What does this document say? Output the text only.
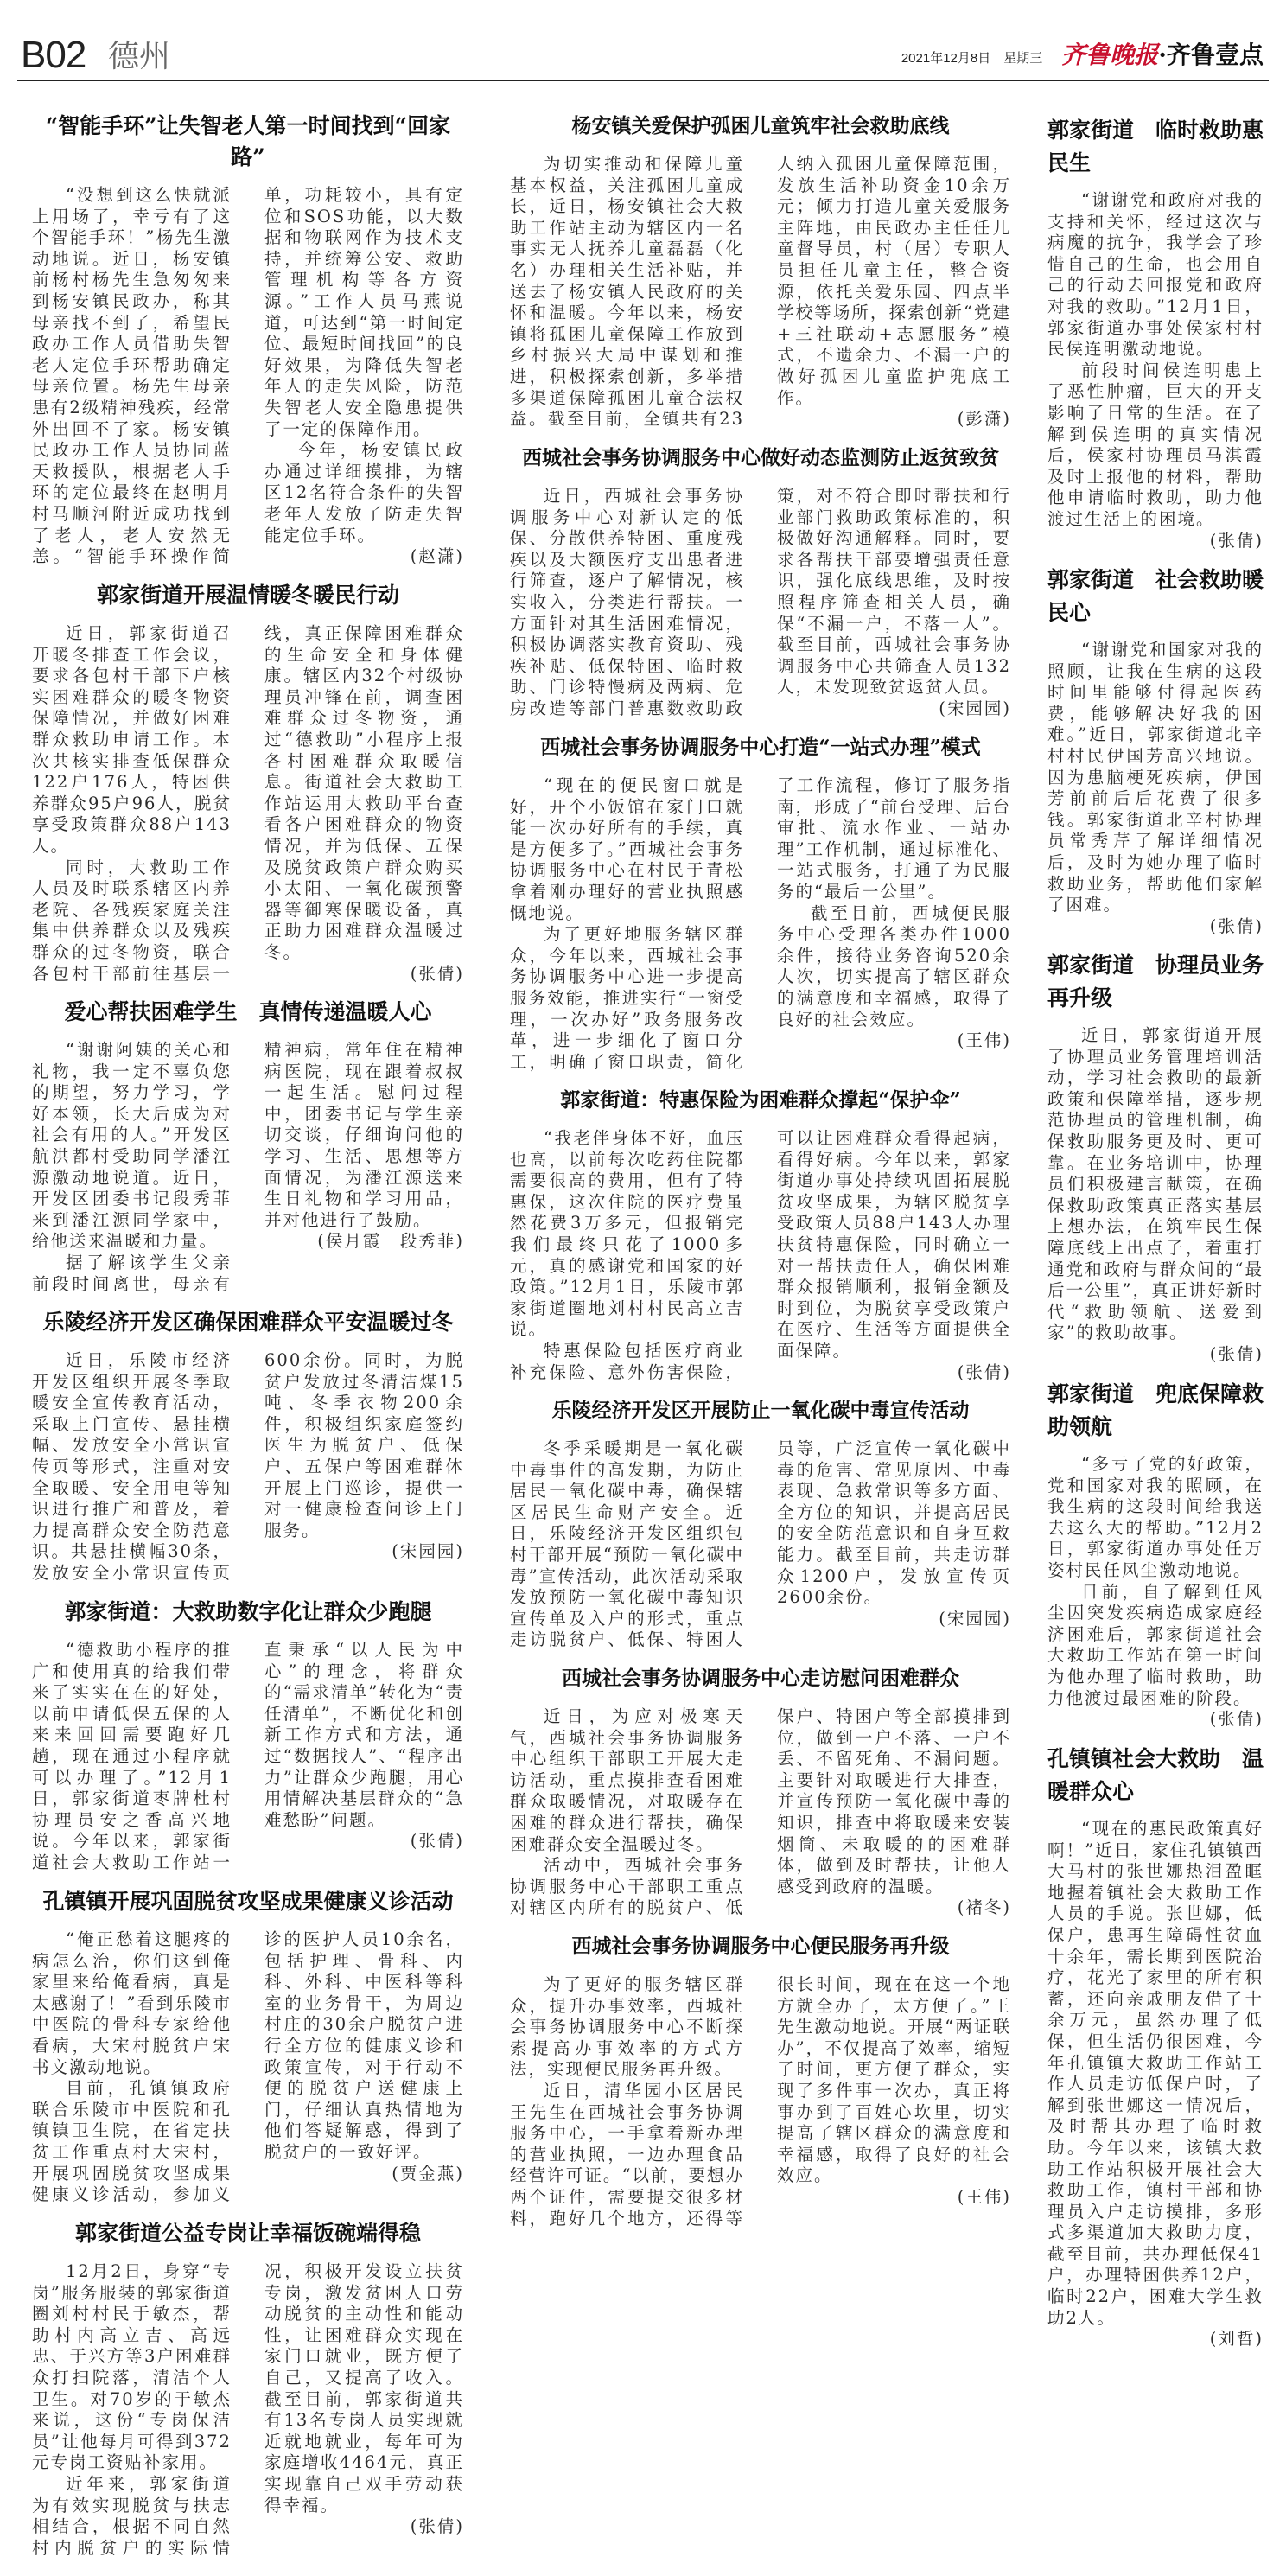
B02 德州	2021年12月8日　星期三 齐鲁晚报·齐鲁壹点
“智能手环”让失智老人第一时间找到“回家路”

“没想到这么快就派上用场了，幸亏有了这个智能手环！”杨先生激动地说。近日，杨安镇前杨村杨先生急匆匆来到杨安镇民政办，称其母亲找不到了，希望民政办工作人员借助失智老人定位手环帮助确定母亲位置。杨先生母亲患有2级精神残疾，经常外出回不了家。杨安镇民政办工作人员协同蓝天救援队，根据老人手环的定位最终在赵明月村马顺河附近成功找到了老人，老人安然无恙。“智能手环操作简单，功耗较小，具有定位和SOS功能，以大数据和物联网作为技术支持，并统筹公安、救助管理机构等各方资源。”工作人员马燕说道，可达到“第一时间定位、最短时间找回”的良好效果，为降低失智老年人的走失风险，防范失智老人安全隐患提供了一定的保障作用。

今年，杨安镇民政办通过详细摸排，为辖区12名符合条件的失智老年人发放了防走失智能定位手环。

(赵潇)
郭家街道开展温情暖冬暖民行动

近日，郭家街道召开暖冬排查工作会议，要求各包村干部下户核实困难群众的暖冬物资保障情况，并做好困难群众救助申请工作。本次共核实排查低保群众122户176人，特困供养群众95户96人，脱贫享受政策群众88户143人。

同时，大救助工作人员及时联系辖区内养老院、各残疾家庭关注集中供养群众以及残疾群众的过冬物资，联合各包村干部前往基层一线，真正保障困难群众的生命安全和身体健康。辖区内32个村级协理员冲锋在前，调查困难群众过冬物资，通过“德救助”小程序上报各村困难群众取暖信息。街道社会大救助工作站运用大救助平台查看各户困难群众的物资情况，并为低保、五保及脱贫政策户群众购买小太阳、一氧化碳预警器等御寒保暖设备，真正助力困难群众温暖过冬。

(张倩)
爱心帮扶困难学生　真情传递温暖人心

“谢谢阿姨的关心和礼物，我一定不辜负您的期望，努力学习，学好本领，长大后成为对社会有用的人。”开发区航洪都村受助同学潘江源激动地说道。近日，开发区团委书记段秀菲来到潘江源同学家中，给他送来温暖和力量。

据了解该学生父亲前段时间离世，母亲有精神病，常年住在精神病医院，现在跟着叔叔一起生活。慰问过程中，团委书记与学生亲切交谈，仔细询问他的学习、生活、思想等方面情况，为潘江源送来生日礼物和学习用品，并对他进行了鼓励。

(侯月霞　段秀菲)
乐陵经济开发区确保困难群众平安温暖过冬

近日，乐陵市经济开发区组织开展冬季取暖安全宣传教育活动，采取上门宣传、悬挂横幅、发放安全小常识宣传页等形式，注重对安全取暖、安全用电等知识进行推广和普及，着力提高群众安全防范意识。共悬挂横幅30条，发放安全小常识宣传页600余份。同时，为脱贫户发放过冬清洁煤15吨、冬季衣物200余件，积极组织家庭签约医生为脱贫户、低保户、五保户等困难群体开展上门巡诊，提供一对一健康检查问诊上门服务。

(宋园园)
郭家街道：大救助数字化让群众少跑腿

“德救助小程序的推广和使用真的给我们带来了实实在在的好处，以前申请低保五保的人来来回回需要跑好几趟，现在通过小程序就可以办理了。”12月1日，郭家街道枣牌杜村协理员安之香高兴地说。今年以来，郭家街道社会大救助工作站一直秉承“以人民为中心”的理念，将群众的“需求清单”转化为“责任清单”，不断优化和创新工作方式和方法，通过“数据找人”、“程序出力”让群众少跑腿，用心用情解决基层群众的“急难愁盼”问题。

(张倩)
孔镇镇开展巩固脱贫攻坚成果健康义诊活动

“俺正愁着这腿疼的病怎么治，你们这到俺家里来给俺看病，真是太感谢了！”看到乐陵市中医院的骨科专家给他看病，大宋村脱贫户宋书文激动地说。

目前，孔镇镇政府联合乐陵市中医院和孔镇镇卫生院，在省定扶贫工作重点村大宋村，开展巩固脱贫攻坚成果健康义诊活动，参加义诊的医护人员10余名，包括护理、骨科、内科、外科、中医科等科室的业务骨干，为周边村庄的30余户脱贫户进行全方位的健康义诊和政策宣传，对于行动不便的脱贫户送健康上门，仔细认真热情地为他们答疑解惑，得到了脱贫户的一致好评。

(贾金燕)
郭家街道公益专岗让幸福饭碗端得稳

12月2日，身穿“专岗”服务服装的郭家街道圈刘村村民于敏杰，帮助村内高立吉、高远忠、于兴方等3户困难群众打扫院落，清洁个人卫生。对70岁的于敏杰来说，这份“专岗保洁员”让他每月可得到372元专岗工资贴补家用。

近年来，郭家街道为有效实现脱贫与扶志相结合，根据不同自然村内脱贫户的实际情况，积极开发设立扶贫专岗，激发贫困人口劳动脱贫的主动性和能动性，让困难群众实现在家门口就业，既方便了自己，又提高了收入。截至目前，郭家街道共有13名专岗人员实现就近就地就业，每年可为家庭增收4464元，真正实现靠自己双手劳动获得幸福。

(张倩)
杨安镇关爱保护孤困儿童筑牢社会救助底线

为切实推动和保障儿童基本权益，关注孤困儿童成长，近日，杨安镇社会大救助工作站主动为辖区内一名事实无人抚养儿童磊磊（化名）办理相关生活补贴，并送去了杨安镇人民政府的关怀和温暖。今年以来，杨安镇将孤困儿童保障工作放到乡村振兴大局中谋划和推进，积极探索创新，多举措多渠道保障孤困儿童合法权益。截至目前，全镇共有23人纳入孤困儿童保障范围，发放生活补助资金10余万元；倾力打造儿童关爱服务主阵地，由民政办主任任儿童督导员，村（居）专职人员担任儿童主任，整合资源，依托关爱乐园、四点半学校等场所，探索创新“党建+三社联动+志愿服务”模式，不遗余力、不漏一户的做好孤困儿童监护兜底工作。

(彭潇)
西城社会事务协调服务中心做好动态监测防止返贫致贫

近日，西城社会事务协调服务中心对新认定的低保、分散供养特困、重度残疾以及大额医疗支出患者进行筛查，逐户了解情况，核实收入，分类进行帮扶。一方面针对其生活困难情况，积极协调落实教育资助、残疾补贴、低保特困、临时救助、门诊特慢病及两病、危房改造等部门普惠数救助政策，对不符合即时帮扶和行业部门救助政策标准的，积极做好沟通解释。同时，要求各帮扶干部要增强责任意识，强化底线思维，及时按照程序筛查相关人员，确保“不漏一户，不落一人”。截至目前，西城社会事务协调服务中心共筛查人员132人，未发现致贫返贫人员。

(宋园园)
西城社会事务协调服务中心打造“一站式办理”模式

“现在的便民窗口就是好，开个小饭馆在家门口就能一次办好所有的手续，真是方便多了。”西城社会事务协调服务中心在村民于青松拿着刚办理好的营业执照感慨地说。

为了更好地服务辖区群众，今年以来，西城社会事务协调服务中心进一步提高服务效能，推进实行“一窗受理，一次办好”政务服务改革，进一步细化了窗口分工，明确了窗口职责，简化了工作流程，修订了服务指南，形成了“前台受理、后台审批、流水作业、一站办理”工作机制，通过标准化、一站式服务，打通了为民服务的“最后一公里”。

截至目前，西城便民服务中心受理各类办件1000余件，接待业务咨询520余人次，切实提高了辖区群众的满意度和幸福感，取得了良好的社会效应。

(王伟)
郭家街道：特惠保险为困难群众撑起“保护伞”

“我老伴身体不好，血压也高，以前每次吃药住院都需要很高的费用，但有了特惠保，这次住院的医疗费虽然花费3万多元，但报销完我们最终只花了1000多元，真的感谢党和国家的好政策。”12月1日，乐陵市郭家街道圈地刘村村民高立吉说。

特惠保险包括医疗商业补充保险、意外伤害保险，可以让困难群众看得起病，看得好病。今年以来，郭家街道办事处持续巩固拓展脱贫攻坚成果，为辖区脱贫享受政策人员88户143人办理扶贫特惠保险，同时确立一对一帮扶责任人，确保困难群众报销顺利，报销金额及时到位，为脱贫享受政策户在医疗、生活等方面提供全面保障。

(张倩)
乐陵经济开发区开展防止一氧化碳中毒宣传活动

冬季采暖期是一氧化碳中毒事件的高发期，为防止居民一氧化碳中毒，确保辖区居民生命财产安全。近日，乐陵经济开发区组织包村干部开展“预防一氧化碳中毒”宣传活动，此次活动采取发放预防一氧化碳中毒知识宣传单及入户的形式，重点走访脱贫户、低保、特困人员等，广泛宣传一氧化碳中毒的危害、常见原因、中毒表现、急救常识等多方面、全方位的知识，并提高居民的安全防范意识和自身互救能力。截至目前，共走访群众1200户，发放宣传页2600余份。

(宋园园)
西城社会事务协调服务中心走访慰问困难群众

近日，为应对极寒天气，西城社会事务协调服务中心组织干部职工开展大走访活动，重点摸排查看困难群众取暖情况，对取暖存在困难的群众进行帮扶，确保困难群众安全温暖过冬。

活动中，西城社会事务协调服务中心干部职工重点对辖区内所有的脱贫户、低保户、特困户等全部摸排到位，做到一户不落、一户不丢、不留死角、不漏问题。主要针对取暖进行大排查，并宣传预防一氧化碳中毒的知识，排查中将取暖来安装烟筒、未取暖的的困难群体，做到及时帮扶，让他人感受到政府的温暖。

(褚冬)
西城社会事务协调服务中心便民服务再升级

为了更好的服务辖区群众，提升办事效率，西城社会事务协调服务中心不断探索提高办事效率的方式方法，实现便民服务再升级。

近日，清华园小区居民王先生在西城社会事务协调服务中心，一手拿着新办理的营业执照，一边办理食品经营许可证。“以前，要想办两个证件，需要提交很多材料，跑好几个地方，还得等很长时间，现在在这一个地方就全办了，太方便了。”王先生激动地说。开展“两证联办”，不仅提高了效率，缩短了时间，更方便了群众，实现了多件事一次办，真正将事办到了百姓心坎里，切实提高了辖区群众的满意度和幸福感，取得了良好的社会效应。

(王伟)
郭家街道　临时救助惠民生

“谢谢党和政府对我的支持和关怀，经过这次与病魔的抗争，我学会了珍惜自己的生命，也会用自己的行动去回报党和政府对我的救助。”12月1日，郭家街道办事处侯家村村民侯连明激动地说。

前段时间侯连明患上了恶性肿瘤，巨大的开支影响了日常的生活。在了解到侯连明的真实情况后，侯家村协理员马淇霞及时上报他的材料，帮助他申请临时救助，助力他渡过生活上的困境。

(张倩)
郭家街道　社会救助暖民心

“谢谢党和国家对我的照顾，让我在生病的这段时间里能够付得起医药费，能够解决好我的困难。”近日，郭家街道北辛村村民伊国芳高兴地说。因为患脑梗死疾病，伊国芳前前后后花费了很多钱。郭家街道北辛村协理员常秀芹了解详细情况后，及时为她办理了临时救助业务，帮助他们家解了困难。

(张倩)
郭家街道　协理员业务再升级

近日，郭家街道开展了协理员业务管理培训活动，学习社会救助的最新政策和保障举措，逐步规范协理员的管理机制，确保救助服务更及时、更可靠。在业务培训中，协理员们积极建言献策，在确保救助政策真正落实基层上想办法，在筑牢民生保障底线上出点子，着重打通党和政府与群众间的“最后一公里”，真正讲好新时代“救助领航、送爱到家”的救助故事。

(张倩)
郭家街道　兜底保障救助领航

“多亏了党的好政策，党和国家对我的照顾，在我生病的这段时间给我送去这么大的帮助。”12月2日，郭家街道办事处任万姿村民任风尘激动地说。

日前，自了解到任风尘因突发疾病造成家庭经济困难后，郭家街道社会大救助工作站在第一时间为他办理了临时救助，助力他渡过最困难的阶段。

(张倩)
孔镇镇社会大救助　温暖群众心

“现在的惠民政策真好啊！”近日，家住孔镇镇西大马村的张世娜热泪盈眶地握着镇社会大救助工作人员的手说。张世娜，低保户，患再生障碍性贫血十余年，需长期到医院治疗，花光了家里的所有积蓄，还向亲戚朋友借了十余万元，虽然办理了低保，但生活仍很困难，今年孔镇镇大救助工作站工作人员走访低保户时，了解到张世娜这一情况后，及时帮其办理了临时救助。今年以来，该镇大救助工作站积极开展社会大救助工作，镇村干部和协理员入户走访摸排，多形式多渠道加大救助力度，截至目前，共办理低保41户，办理特困供养12户，临时22户，困难大学生救助2人。

(刘哲)
